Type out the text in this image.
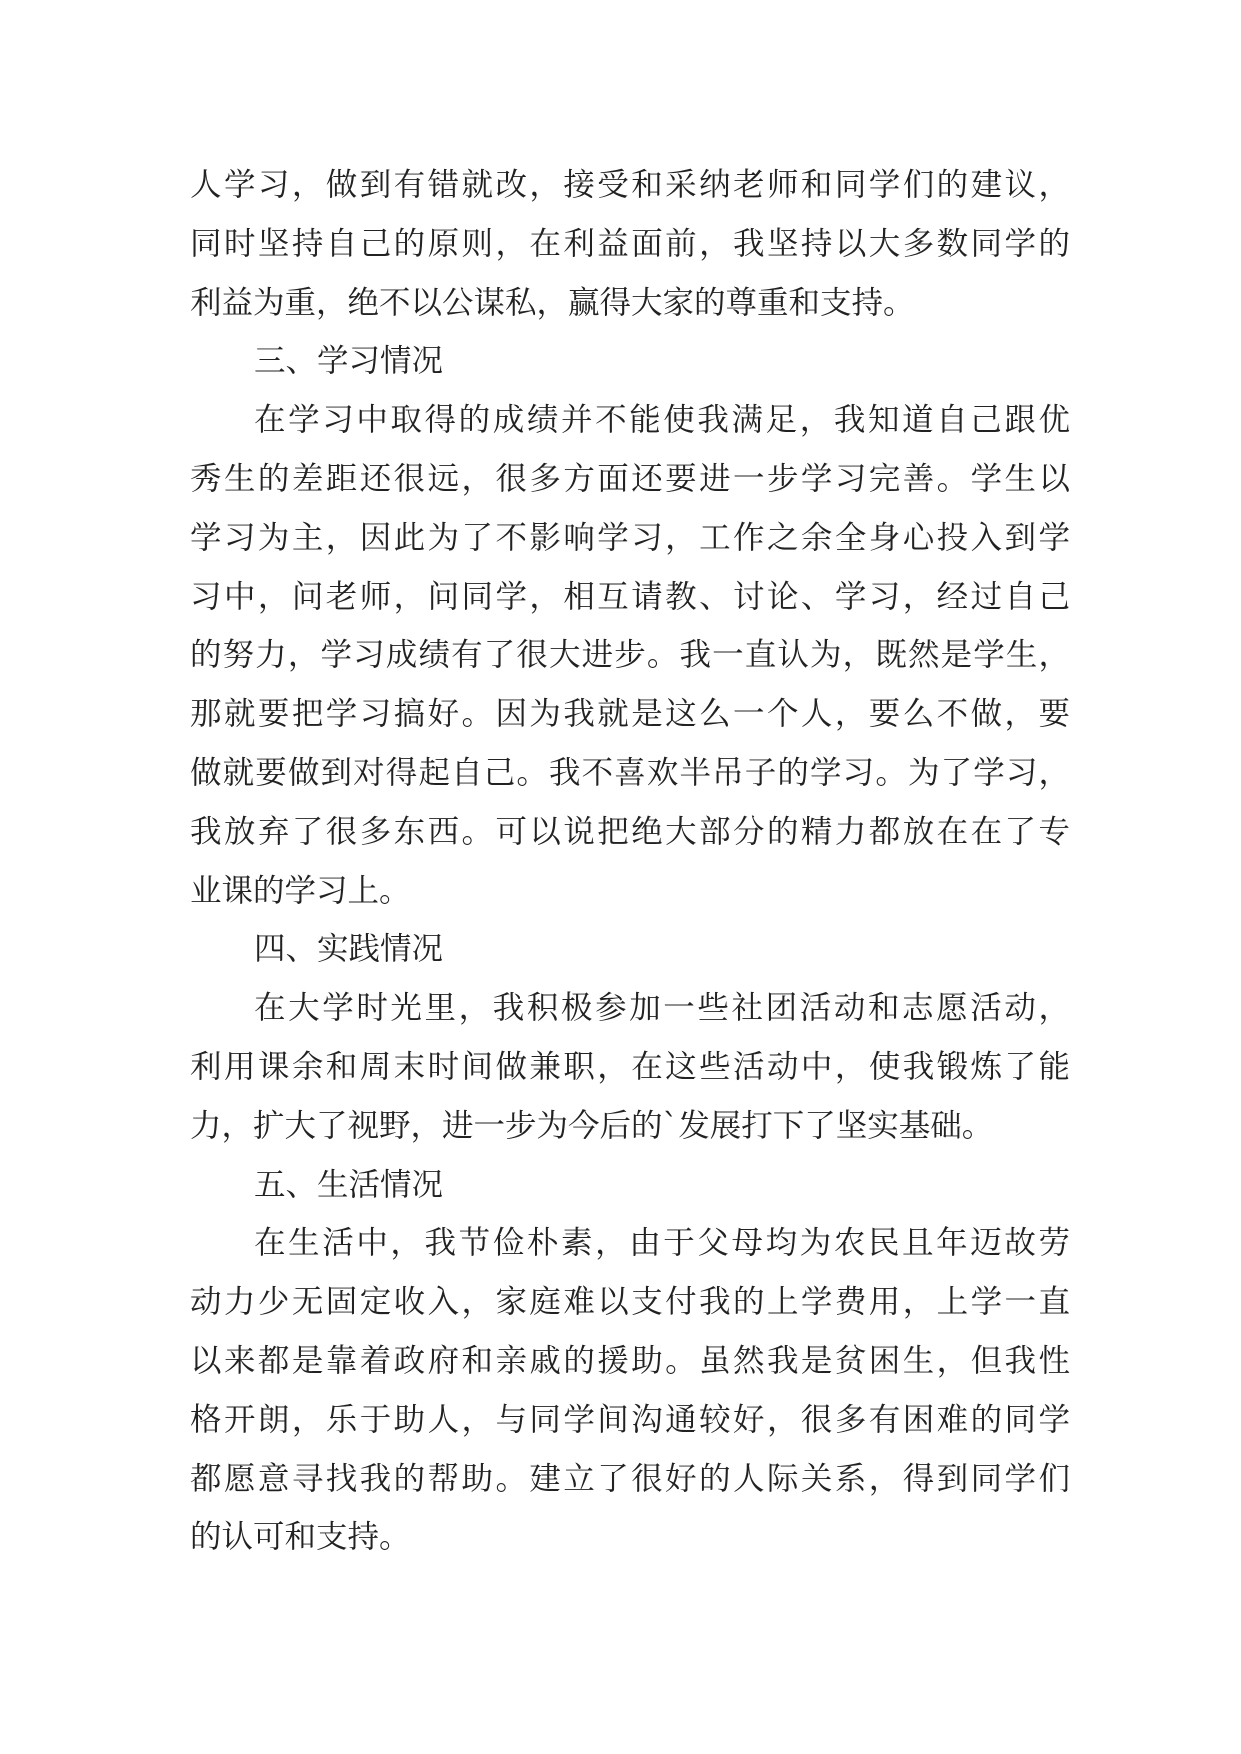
人学习，做到有错就改，接受和采纳老师和同学们的建议，
同时坚持自己的原则，在利益面前，我坚持以大多数同学的
利益为重，绝不以公谋私，赢得大家的尊重和支持。
三、学习情况
在学习中取得的成绩并不能使我满足，我知道自己跟优
秀生的差距还很远，很多方面还要进一步学习完善。学生以
学习为主，因此为了不影响学习，工作之余全身心投入到学
习中，问老师，问同学，相互请教、讨论、学习，经过自己
的努力，学习成绩有了很大进步。我一直认为，既然是学生，
那就要把学习搞好。因为我就是这么一个人，要么不做，要
做就要做到对得起自己。我不喜欢半吊子的学习。为了学习，
我放弃了很多东西。可以说把绝大部分的精力都放在在了专
业课的学习上。
四、实践情况
在大学时光里，我积极参加一些社团活动和志愿活动，
利用课余和周末时间做兼职，在这些活动中，使我锻炼了能
力，扩大了视野，进一步为今后的`发展打下了坚实基础。
五、生活情况
在生活中，我节俭朴素，由于父母均为农民且年迈故劳
动力少无固定收入，家庭难以支付我的上学费用，上学一直
以来都是靠着政府和亲戚的援助。虽然我是贫困生，但我性
格开朗，乐于助人，与同学间沟通较好，很多有困难的同学
都愿意寻找我的帮助。建立了很好的人际关系，得到同学们
的认可和支持。
